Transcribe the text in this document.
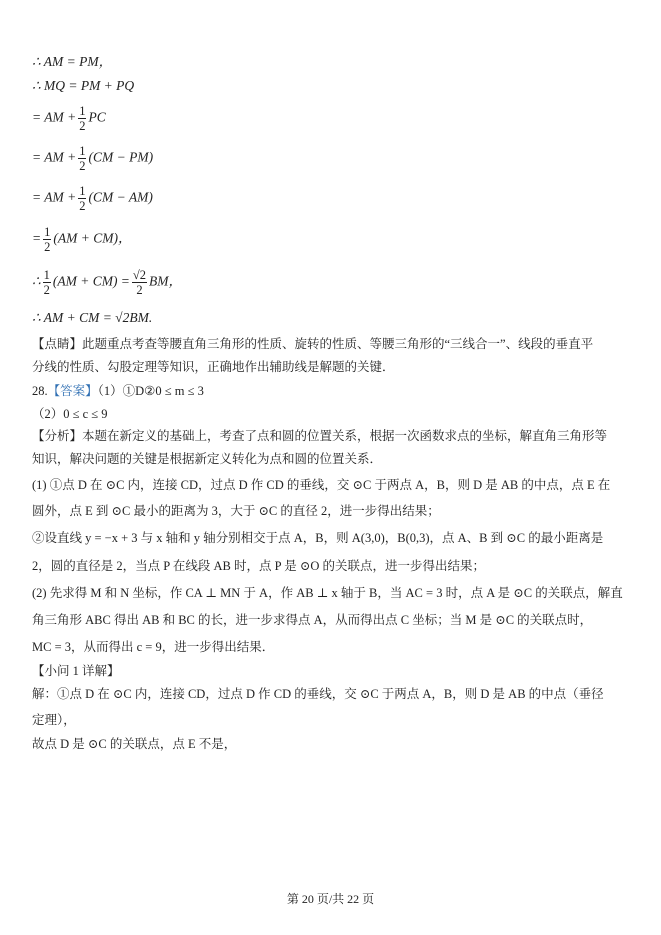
∴ AM = PM，
∴ MQ = PM + PQ
= AM + $\frac{1}{2}$ PC
= AM + $\frac{1}{2} (CM - PM)$
= AM + $\frac{1}{2} (CM - AM)$
= $\frac{1}{2} (AM + CM)$，
∴ $\frac{1}{2} (AM + CM) = \frac{√2}{2}$ BM，
∴ AM + CM = √2BM.
【点睛】此题重点考查等腰直角三角形的性质、旋转的性质、等腰三角形的“三线合一”、线段的垂直平
分线的性质、勾股定理等知识，正确地作出辅助线是解题的关键．
28.【答案】（1）①D②0 ≤ m ≤ 3
（2）0 ≤ c ≤ 9
【分析】本题在新定义的基础上，考查了点和圆的位置关系，根据一次函数求点的坐标，解直角三角形等
知识，解决问题的关键是根据新定义转化为点和圆的位置关系．
(1) ①点 D 在 ⊙C 内，连接 CD，过点 D 作 CD 的垂线，交 ⊙C 于两点 A，B，则 D 是 AB 的中点，点 E 在
圆外，点 E 到 ⊙C 最小的距离为 3，大于 ⊙C 的直径 2，进一步得出结果；
②设直线 y = −x + 3 与 x 轴和 y 轴分别相交于点 A，B，则 A(3,0)，B(0,3)，点 A、B 到 ⊙C 的最小距离是
2，圆的直径是 2，当点 P 在线段 AB 时，点 P 是 ⊙O 的关联点，进一步得出结果；
(2) 先求得 M 和 N 坐标，作 CA ⊥ MN 于 A，作 AB ⊥ x 轴于 B，当 AC = 3 时，点 A 是 ⊙C 的关联点，解直
角三角形 ABC 得出 AB 和 BC 的长，进一步求得点 A，从而得出点 C 坐标；当 M 是 ⊙C 的关联点时，
MC = 3，从而得出 c = 9，进一步得出结果．
【小问 1 详解】
解：①点 D 在 ⊙C 内，连接 CD，过点 D 作 CD 的垂线，交 ⊙C 于两点 A，B，则 D 是 AB 的中点（垂径
定理），
故点 D 是 ⊙C 的关联点，点 E 不是，
第 20 页/共 22 页
